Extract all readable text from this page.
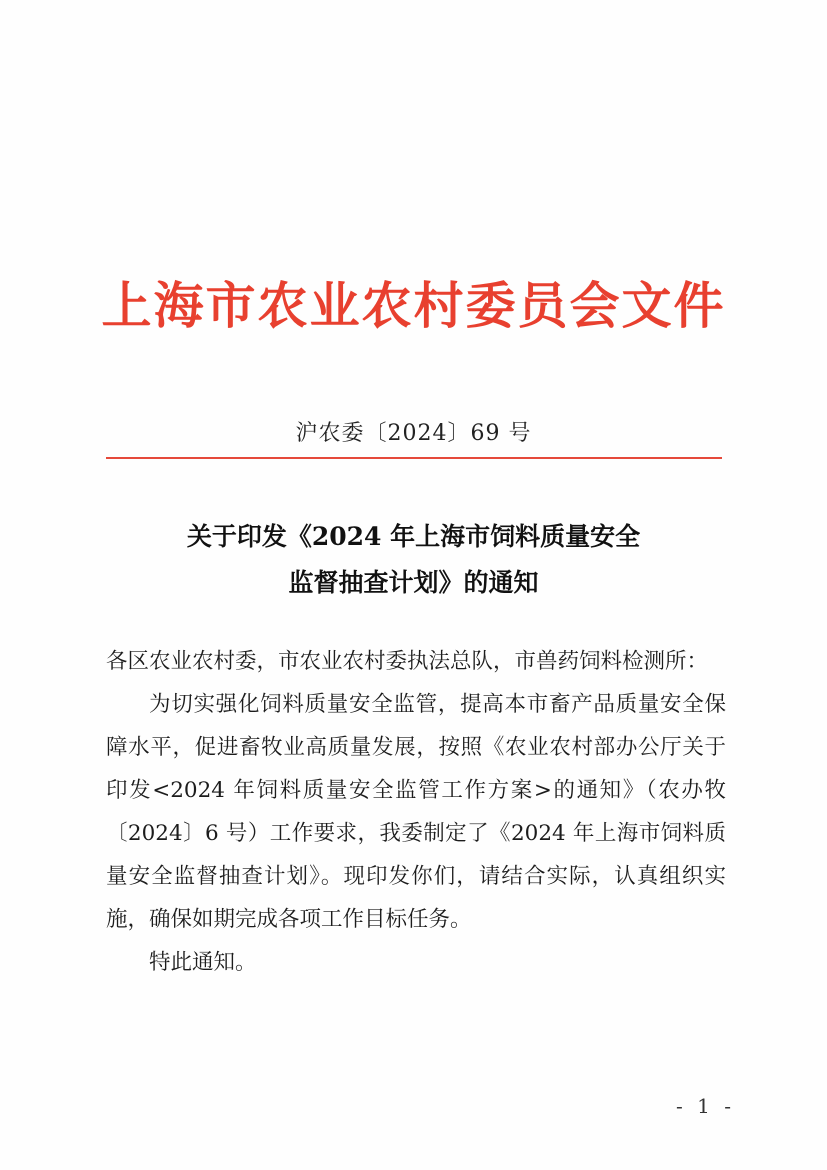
上海市农业农村委员会文件
沪农委〔2024〕69 号
关于印发《2024 年上海市饲料质量安全
监督抽查计划》的通知

各区农业农村委，市农业农村委执法总队，市兽药饲料检测所：

为切实强化饲料质量安全监管，提高本市畜产品质量安全保障水平，促进畜牧业高质量发展，按照《农业农村部办公厅关于印发<2024 年饲料质量安全监管工作方案>的通知》（农办牧〔2024〕6 号）工作要求，我委制定了《2024 年上海市饲料质量安全监督抽查计划》。现印发你们，请结合实际，认真组织实施，确保如期完成各项工作目标任务。

特此通知。

- 1 -
